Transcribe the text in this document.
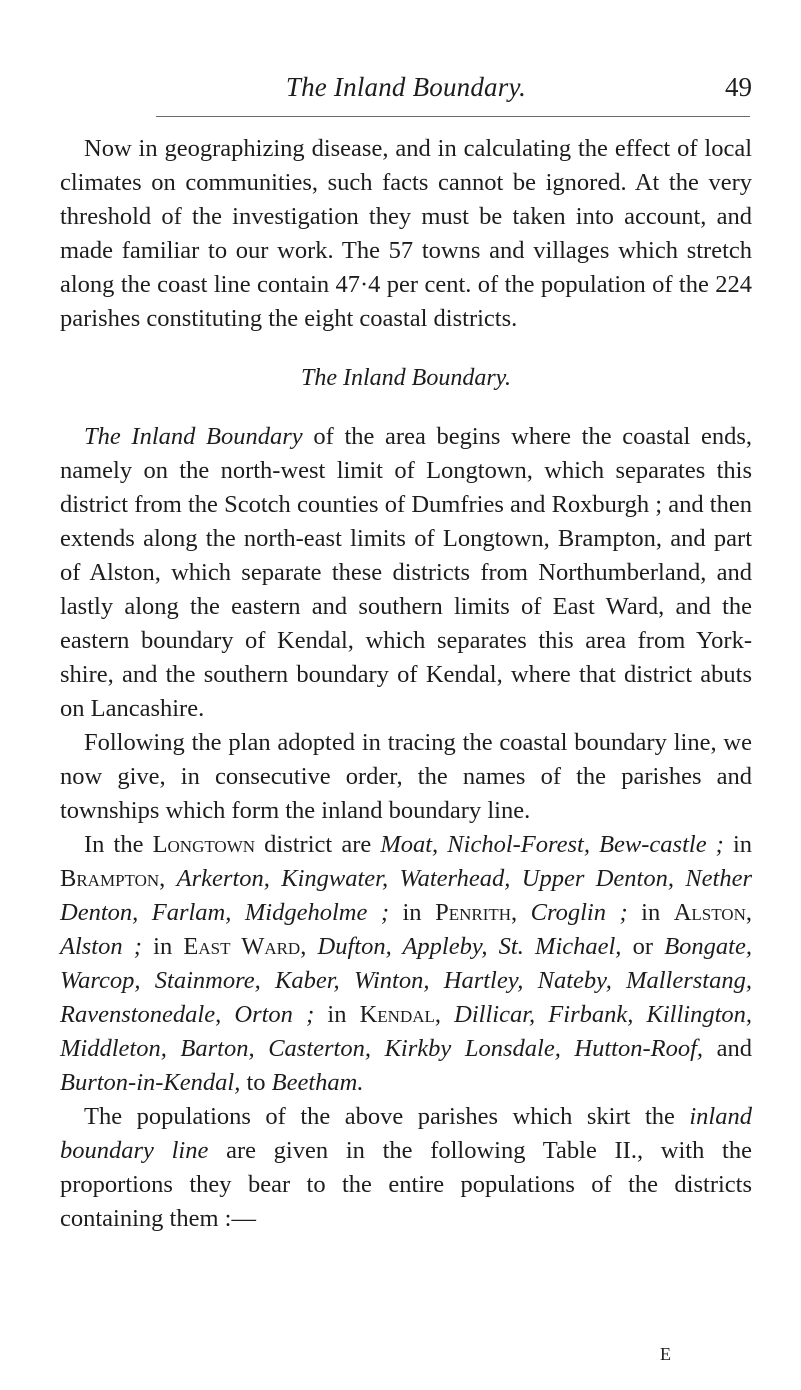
The Inland Boundary.	49

Now in geographizing disease, and in calculating the effect of local climates on communities, such facts cannot be ignored. At the very threshold of the investigation they must be taken into account, and made familiar to our work. The 57 towns and villages which stretch along the coast line contain 47·4 per cent. of the population of the 224 parishes constituting the eight coastal districts.

The Inland Boundary.

The Inland Boundary of the area begins where the coastal ends, namely on the north-west limit of Longtown, which separates this district from the Scotch counties of Dumfries and Roxburgh ; and then extends along the north-east limits of Longtown, Brampton, and part of Alston, which separate these districts from Northumberland, and lastly along the eastern and southern limits of East Ward, and the eastern boundary of Kendal, which separates this area from York-shire, and the southern boundary of Kendal, where that district abuts on Lancashire.

Following the plan adopted in tracing the coastal boundary line, we now give, in consecutive order, the names of the parishes and townships which form the inland boundary line.

In the Longtown district are Moat, Nichol-Forest, Bew-castle ; in Brampton, Arkerton, Kingwater, Waterhead, Upper Denton, Nether Denton, Farlam, Midgeholme ; in Penrith, Croglin ; in Alston, Alston ; in East Ward, Dufton, Appleby, St. Michael, or Bongate, Warcop, Stainmore, Kaber, Winton, Hartley, Nateby, Mallerstang, Ravenstonedale, Orton ; in Kendal, Dillicar, Firbank, Killington, Middleton, Barton, Casterton, Kirkby Lonsdale, Hutton-Roof, and Burton-in-Kendal, to Beetham.

The populations of the above parishes which skirt the inland boundary line are given in the following Table II., with the proportions they bear to the entire populations of the districts containing them :—

E
